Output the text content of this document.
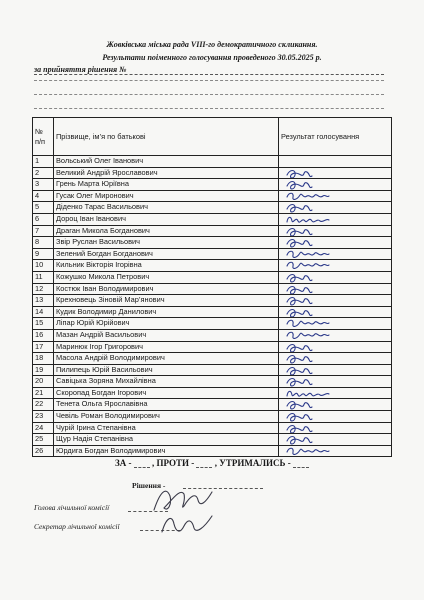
Жовківська міська рада VIII-го демократичного скликання.
Результати поіменного голосування проведеного 30.05.2025 р.
за прийняття рішення №
№
п/п	Прізвище, ім’я по батькові	Результат голосування
1	Вольський Олег Іванович	
2	Великий Андрій Ярославович	

3	Грень Марта Юріївна	

4	Гусак Олег Миронович	

5	Діденко Тарас Васильович	

6	Дороц Іван Іванович	

7	Драган Микола Богданович	

8	Звір Руслан Васильович	

9	Зелений Богдан Богданович	

10	Кильник Вікторія Ігорівна	

11	Кожушко Микола Петрович	

12	Костюк Іван Володимирович	

13	Крехновець Зіновій Мар’янович	

14	Кудик Володимир Данилович	

15	Лiпар Юрій Юрійович	

16	Мазан Андрій Васильович	

17	Маринюк Ігор Григорович	

18	Масола Андрій Володимирович	

19	Пилипець Юрій Васильович	

20	Савіцька Зоряна Михайлівна	

21	Скоропад Богдан Ігорович	

22	Тенета Ольга Ярославівна	

23	Чевіль Роман Володимирович	

24	Чурій Ірина Степанівна	

25	Щур Надія Степанівна	

26	Юрдига Богдан Володимирович	
ЗА - , ПРОТИ - , УТРИМАЛИСЬ -
Рішення -
Голова лічильної комісії
Секретар лічильної комісії
